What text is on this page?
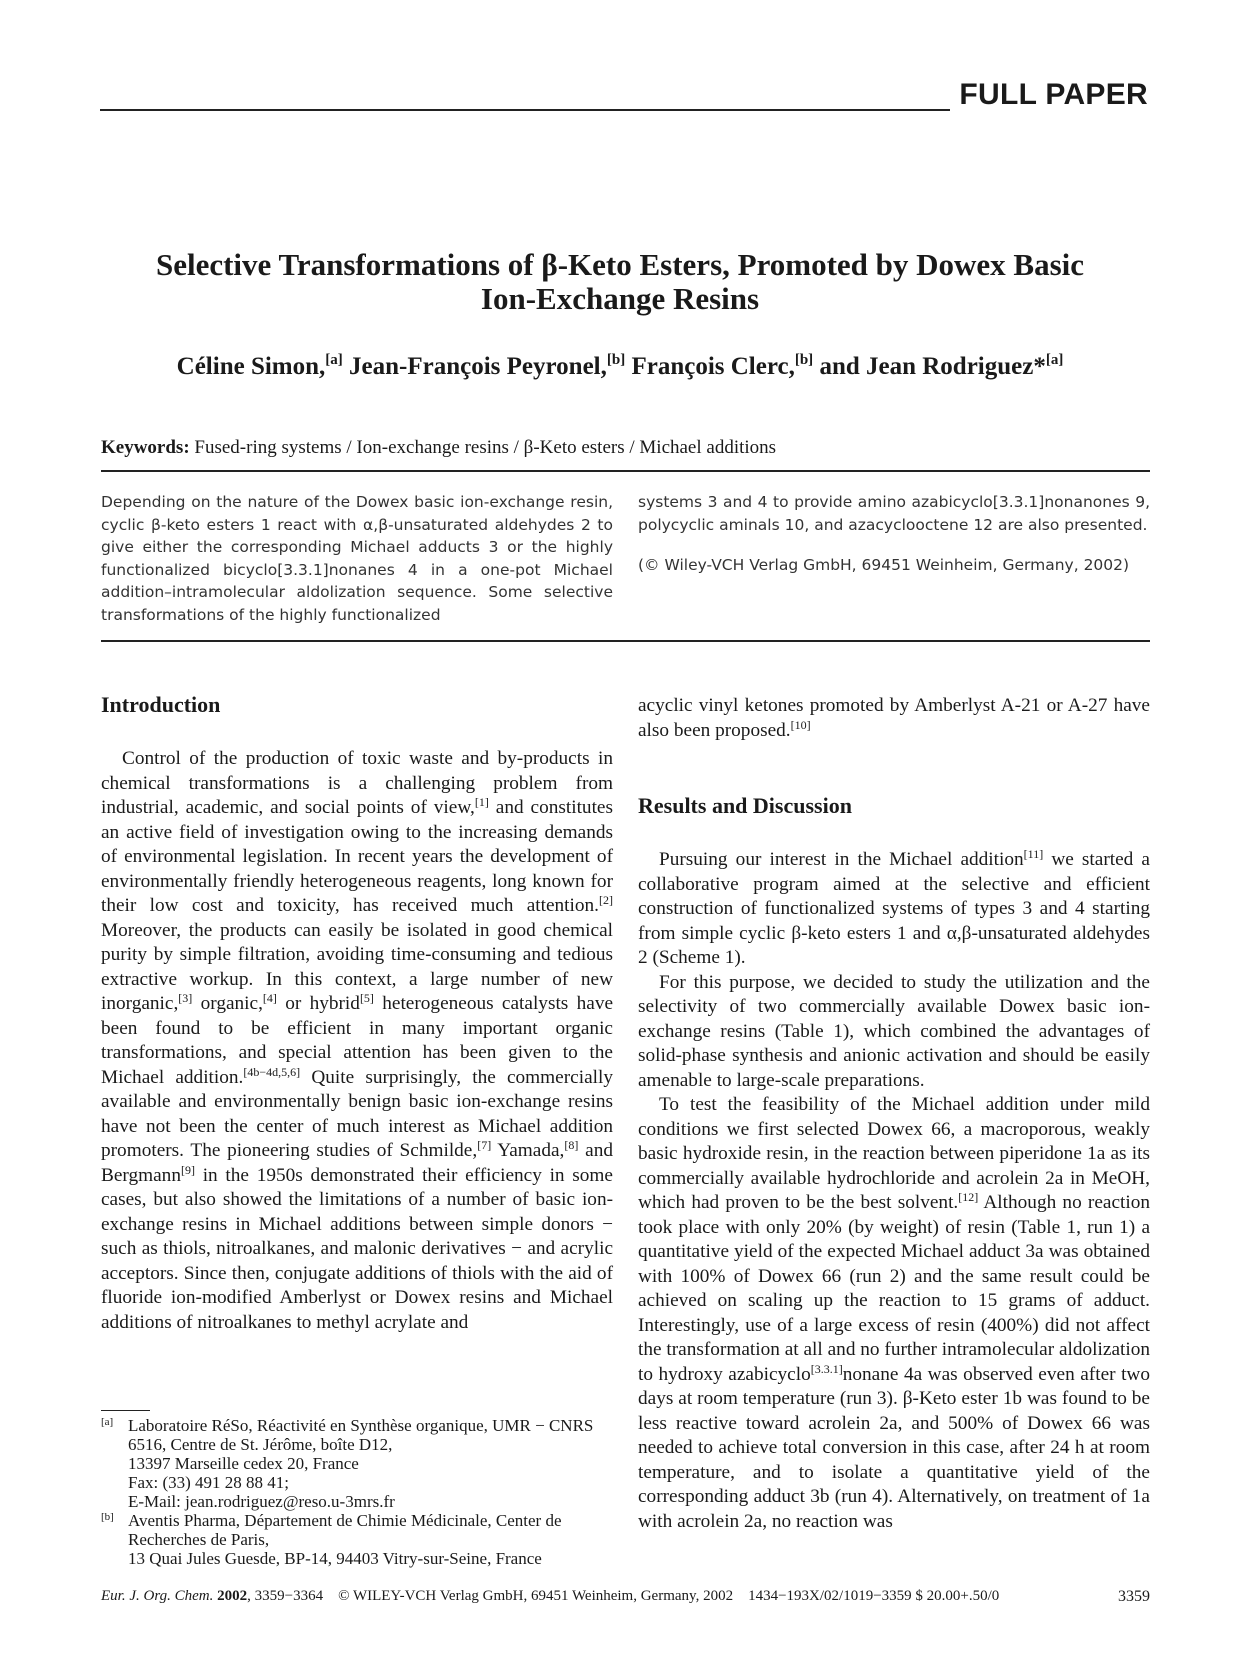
FULL PAPER
Selective Transformations of β-Keto Esters, Promoted by Dowex Basic Ion-Exchange Resins
Céline Simon,[a] Jean-François Peyronel,[b] François Clerc,[b] and Jean Rodriguez*[a]
Keywords: Fused-ring systems / Ion-exchange resins / β-Keto esters / Michael additions

Depending on the nature of the Dowex basic ion-exchange resin, cyclic β-keto esters 1 react with α,β-unsaturated aldehydes 2 to give either the corresponding Michael adducts 3 or the highly functionalized bicyclo[3.3.1]nonanes 4 in a one-pot Michael addition–intramolecular aldolization sequence. Some selective transformations of the highly functionalized

systems 3 and 4 to provide amino azabicyclo[3.3.1]nonanones 9, polycyclic aminals 10, and azacyclooctene 12 are also presented.

(© Wiley-VCH Verlag GmbH, 69451 Weinheim, Germany, 2002)

Introduction

Control of the production of toxic waste and by-products in chemical transformations is a challenging problem from industrial, academic, and social points of view,[1] and constitutes an active field of investigation owing to the increasing demands of environmental legislation. In recent years the development of environmentally friendly heterogeneous reagents, long known for their low cost and toxicity, has received much attention.[2] Moreover, the products can easily be isolated in good chemical purity by simple filtration, avoiding time-consuming and tedious extractive workup. In this context, a large number of new inorganic,[3] organic,[4] or hybrid[5] heterogeneous catalysts have been found to be efficient in many important organic transformations, and special attention has been given to the Michael addition.[4b−4d,5,6] Quite surprisingly, the commercially available and environmentally benign basic ion-exchange resins have not been the center of much interest as Michael addition promoters. The pioneering studies of Schmilde,[7] Yamada,[8] and Bergmann[9] in the 1950s demonstrated their efficiency in some cases, but also showed the limitations of a number of basic ion-exchange resins in Michael additions between simple donors − such as thiols, nitroalkanes, and malonic derivatives − and acrylic acceptors. Since then, conjugate additions of thiols with the aid of fluoride ion-modified Amberlyst or Dowex resins and Michael additions of nitroalkanes to methyl acrylate and

acyclic vinyl ketones promoted by Amberlyst A-21 or A-27 have also been proposed.[10]

Results and Discussion

Pursuing our interest in the Michael addition[11] we started a collaborative program aimed at the selective and efficient construction of functionalized systems of types 3 and 4 starting from simple cyclic β-keto esters 1 and α,β-unsaturated aldehydes 2 (Scheme 1).

For this purpose, we decided to study the utilization and the selectivity of two commercially available Dowex basic ion-exchange resins (Table 1), which combined the advantages of solid-phase synthesis and anionic activation and should be easily amenable to large-scale preparations.

To test the feasibility of the Michael addition under mild conditions we first selected Dowex 66, a macroporous, weakly basic hydroxide resin, in the reaction between piperidone 1a as its commercially available hydrochloride and acrolein 2a in MeOH, which had proven to be the best solvent.[12] Although no reaction took place with only 20% (by weight) of resin (Table 1, run 1) a quantitative yield of the expected Michael adduct 3a was obtained with 100% of Dowex 66 (run 2) and the same result could be achieved on scaling up the reaction to 15 grams of adduct. Interestingly, use of a large excess of resin (400%) did not affect the transformation at all and no further intramolecular aldolization to hydroxy azabicyclo[3.3.1]nonane 4a was observed even after two days at room temperature (run 3). β-Keto ester 1b was found to be less reactive toward acrolein 2a, and 500% of Dowex 66 was needed to achieve total conversion in this case, after 24 h at room temperature, and to isolate a quantitative yield of the corresponding adduct 3b (run 4). Alternatively, on treatment of 1a with acrolein 2a, no reaction was

[a] Laboratoire RéSo, Réactivité en Synthèse organique, UMR − CNRS 6516, Centre de St. Jérôme, boîte D12,
13397 Marseille cedex 20, France
Fax: (33) 491 28 88 41;
E-Mail: jean.rodriguez@reso.u-3mrs.fr
[b] Aventis Pharma, Département de Chimie Médicinale, Center de Recherches de Paris,
13 Quai Jules Guesde, BP-14, 94403 Vitry-sur-Seine, France
Eur. J. Org. Chem. 2002, 3359−3364 © WILEY-VCH Verlag GmbH, 69451 Weinheim, Germany, 2002 1434−193X/02/1019−3359 $ 20.00+.50/0	3359
